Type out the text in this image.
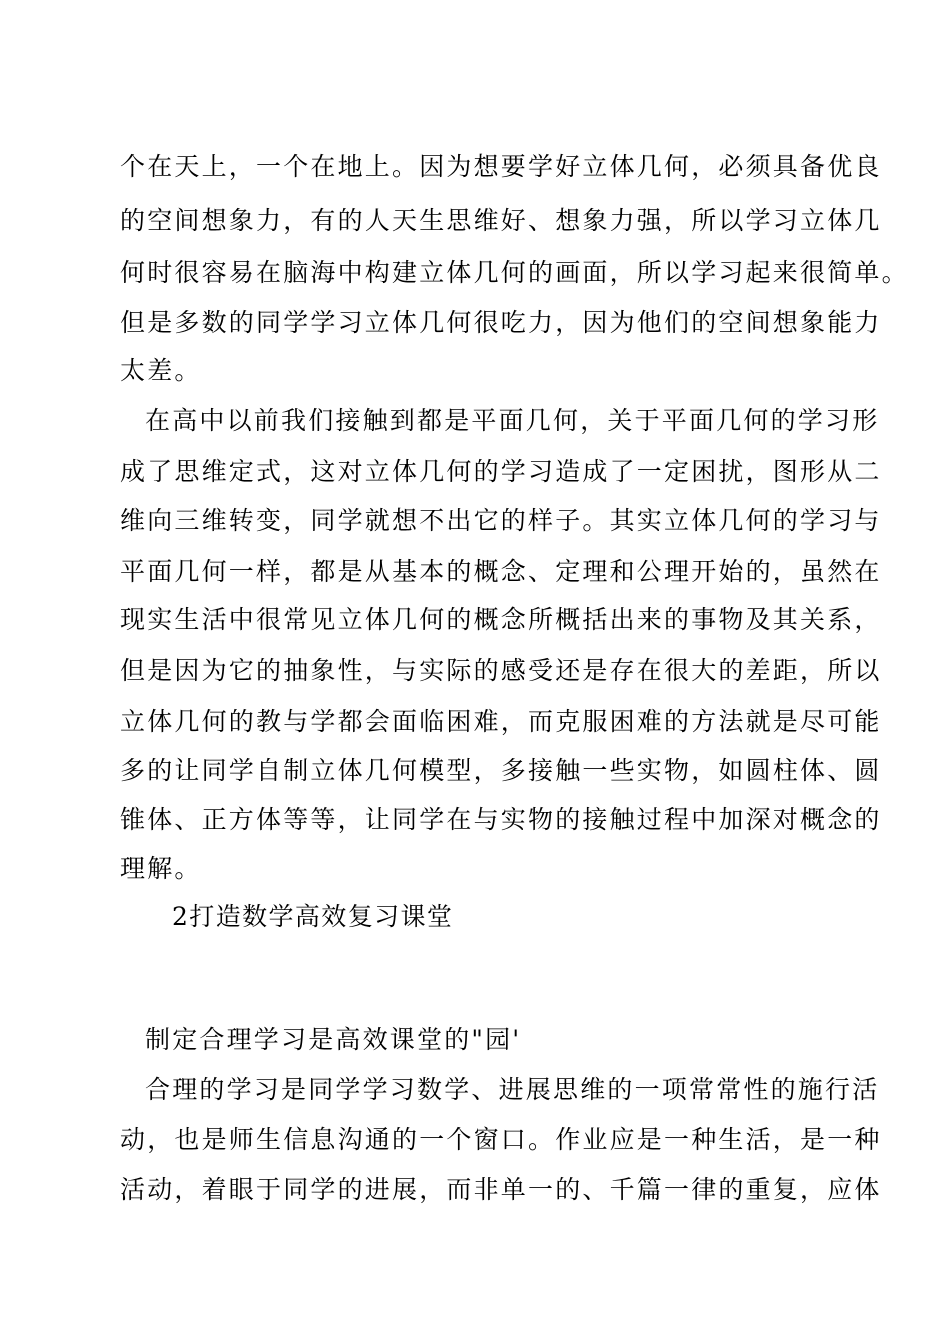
个在天上，一个在地上。因为想要学好立体几何，必须具备优良
的空间想象力，有的人天生思维好、想象力强，所以学习立体几
何时很容易在脑海中构建立体几何的画面，所以学习起来很简单。
但是多数的同学学习立体几何很吃力，因为他们的空间想象能力
太差。
在高中以前我们接触到都是平面几何，关于平面几何的学习形
成了思维定式，这对立体几何的学习造成了一定困扰，图形从二
维向三维转变，同学就想不出它的样子。其实立体几何的学习与
平面几何一样，都是从基本的概念、定理和公理开始的，虽然在
现实生活中很常见立体几何的概念所概括出来的事物及其关系，
但是因为它的抽象性，与实际的感受还是存在很大的差距，所以
立体几何的教与学都会面临困难，而克服困难的方法就是尽可能
多的让同学自制立体几何模型，多接触一些实物，如圆柱体、圆
锥体、正方体等等，让同学在与实物的接触过程中加深对概念的
理解。
2打造数学高效复习课堂
制定合理学习是高效课堂的"园'
合理的学习是同学学习数学、进展思维的一项常常性的施行活
动，也是师生信息沟通的一个窗口。作业应是一种生活，是一种
活动，着眼于同学的进展，而非单一的、千篇一律的重复，应体
